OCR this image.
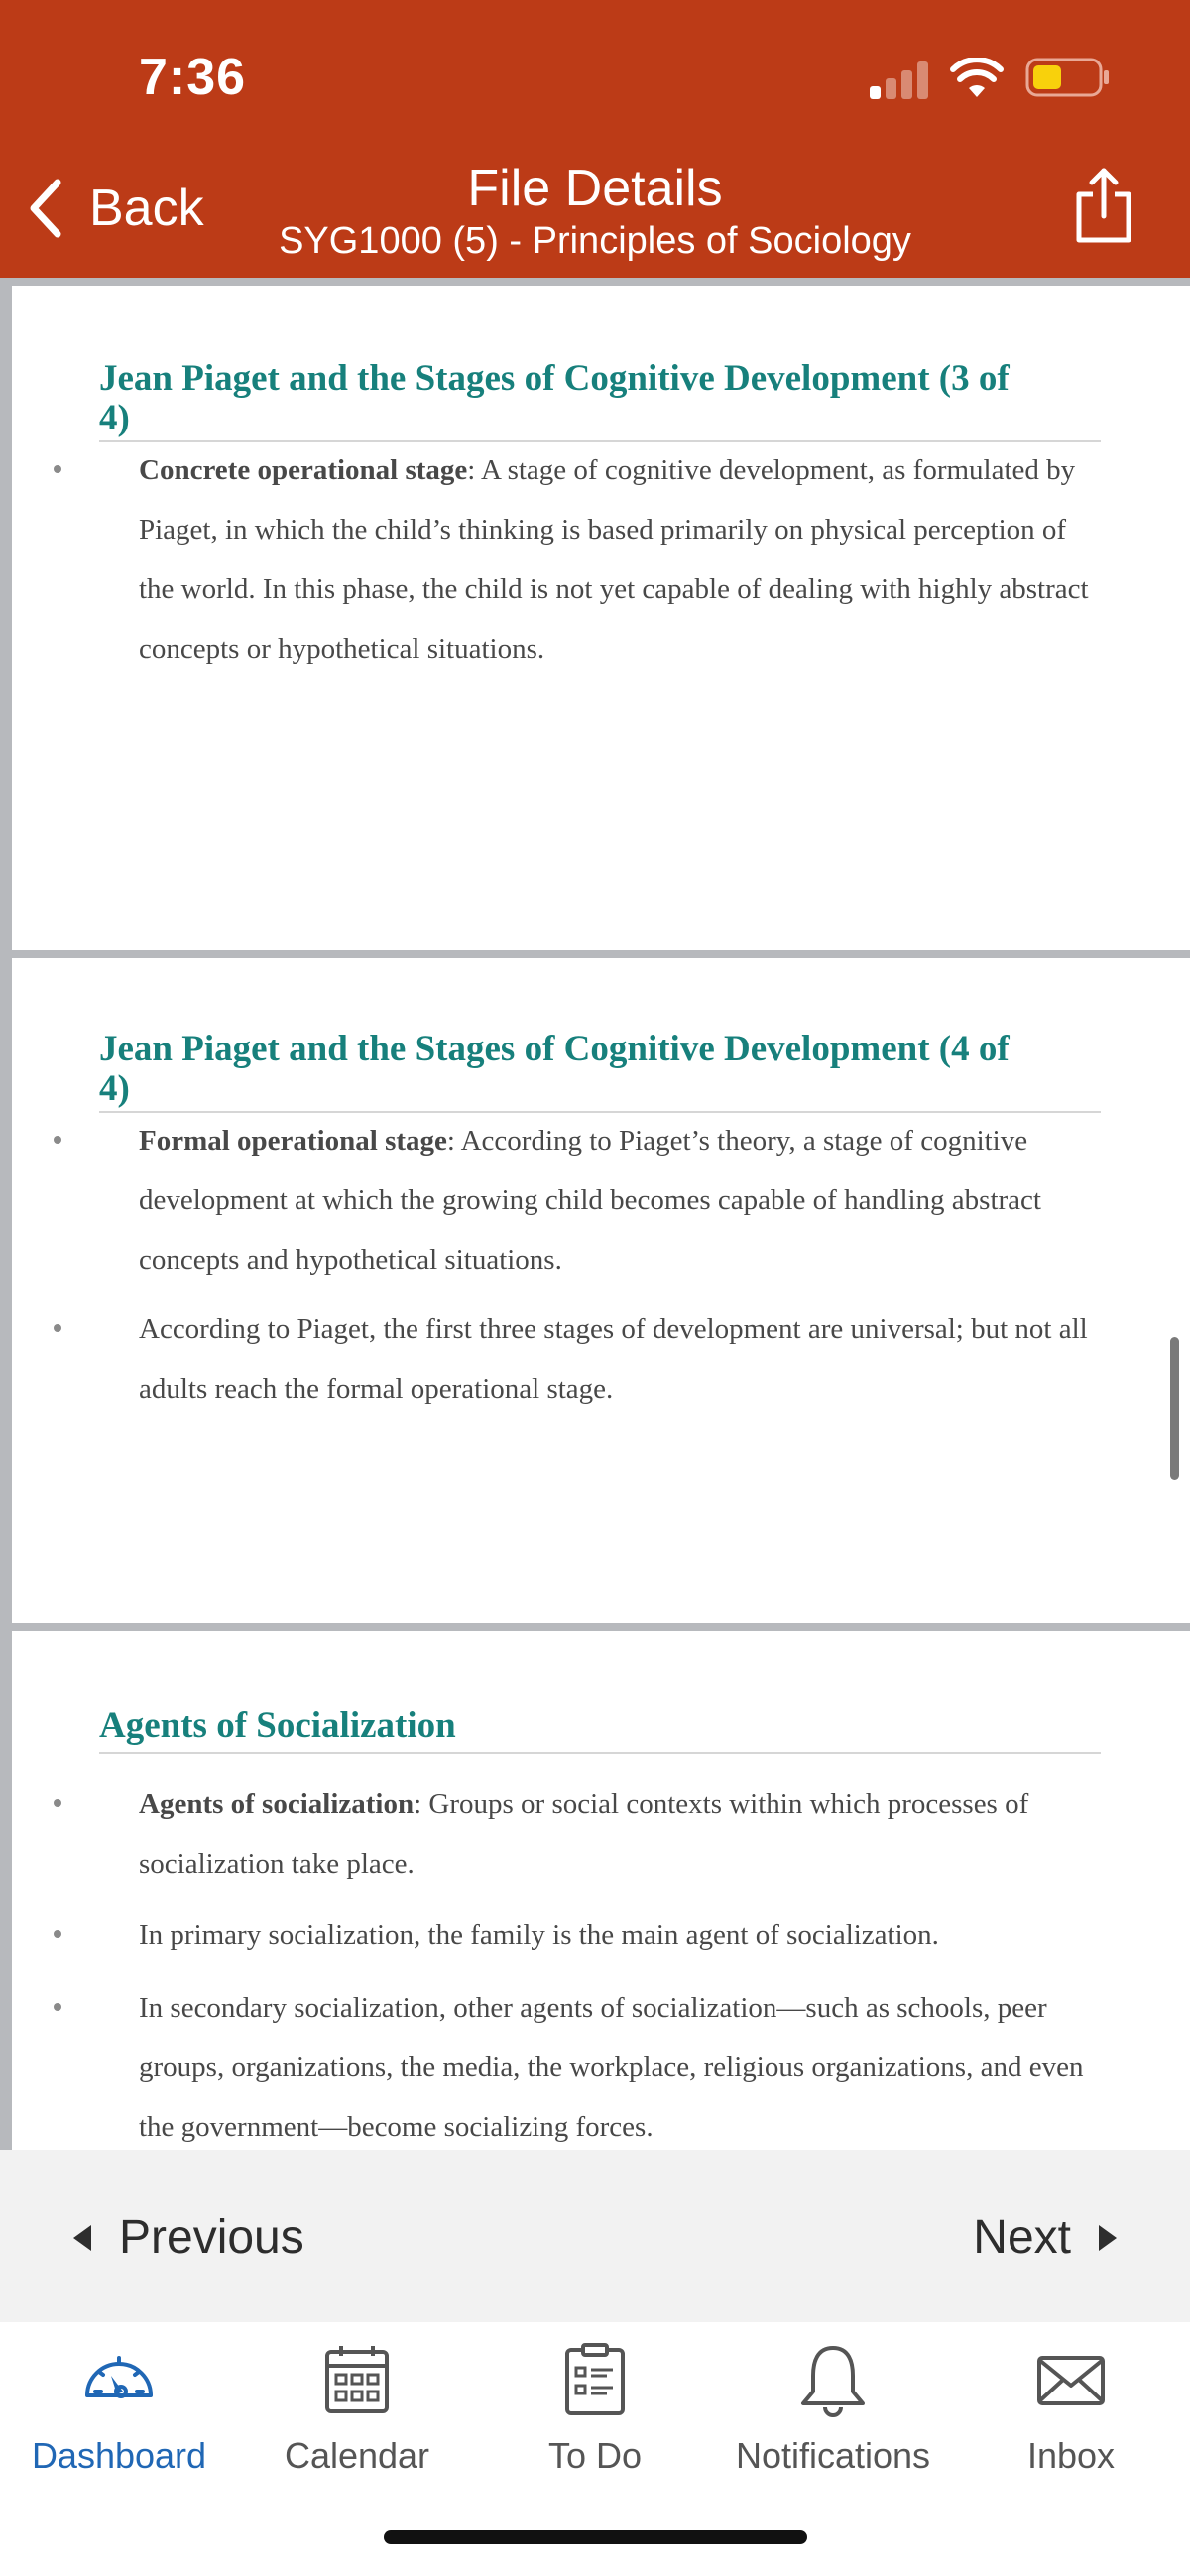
7:36
Back	File Details
SYG1000 (5) - Principles of Sociology
Jean Piaget and the Stages of Cognitive Development (3 of
4)
Concrete operational stage: A stage of cognitive development, as formulated by Piaget, in which the child’s thinking is based primarily on physical perception of the world. In this phase, the child is not yet capable of dealing with highly abstract concepts or hypothetical situations.
Jean Piaget and the Stages of Cognitive Development (4 of
4)
Formal operational stage: According to Piaget’s theory, a stage of cognitive development at which the growing child becomes capable of handling abstract concepts and hypothetical situations.
According to Piaget, the first three stages of development are universal; but not all adults reach the formal operational stage.
Agents of Socialization
Agents of socialization: Groups or social contexts within which processes of socialization take place.
In primary socialization, the family is the main agent of socialization.
In secondary socialization, other agents of socialization—such as schools, peer groups, organizations, the media, the workplace, religious organizations, and even the government—become socializing forces.
Previous	Next
Dashboard	Calendar	To Do	Notifications	Inbox
